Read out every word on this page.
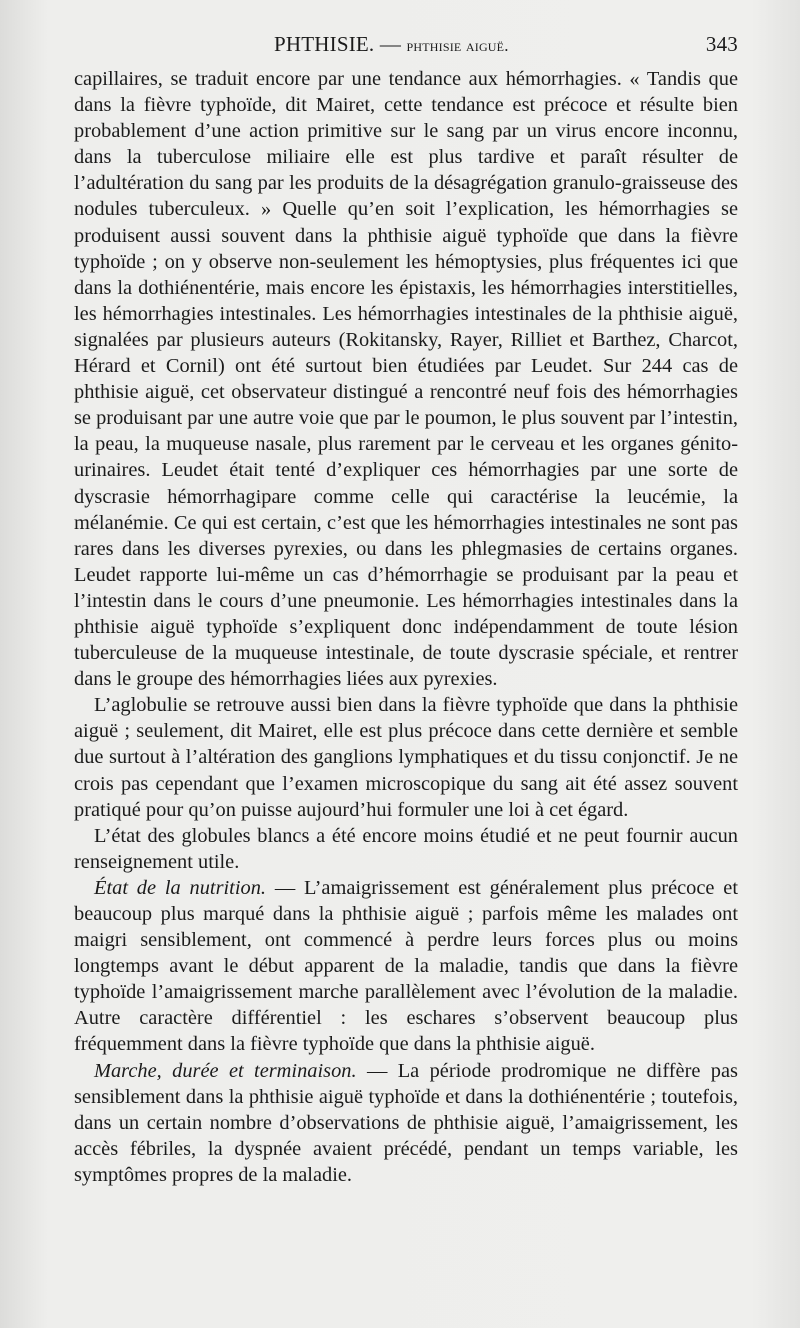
PHTHISIE. — phthisie aiguë.	343

capillaires, se traduit encore par une tendance aux hémorrhagies. « Tandis que dans la fièvre typhoïde, dit Mairet, cette tendance est précoce et résulte bien probablement d’une action primitive sur le sang par un virus encore inconnu, dans la tuberculose miliaire elle est plus tardive et paraît résulter de l’adultération du sang par les produits de la désagrégation granulo-graisseuse des nodules tuberculeux. » Quelle qu’en soit l’explication, les hémorrhagies se produisent aussi souvent dans la phthisie aiguë typhoïde que dans la fièvre typhoïde ; on y observe non-seulement les hémoptysies, plus fréquentes ici que dans la dothiénentérie, mais encore les épistaxis, les hémorrhagies interstitielles, les hémorrhagies intestinales. Les hémorrhagies intestinales de la phthisie aiguë, signalées par plusieurs auteurs (Rokitansky, Rayer, Rilliet et Barthez, Charcot, Hérard et Cornil) ont été surtout bien étudiées par Leudet. Sur 244 cas de phthisie aiguë, cet observateur distingué a rencontré neuf fois des hémorrhagies se produisant par une autre voie que par le poumon, le plus souvent par l’intestin, la peau, la muqueuse nasale, plus rarement par le cerveau et les organes génito-urinaires. Leudet était tenté d’expliquer ces hémorrhagies par une sorte de dyscrasie hémorrhagipare comme celle qui caractérise la leucémie, la mélanémie. Ce qui est certain, c’est que les hémorrhagies intestinales ne sont pas rares dans les diverses pyrexies, ou dans les phlegmasies de certains organes. Leudet rapporte lui-même un cas d’hémorrhagie se produisant par la peau et l’intestin dans le cours d’une pneumonie. Les hémorrhagies intestinales dans la phthisie aiguë typhoïde s’expliquent donc indépendamment de toute lésion tuberculeuse de la muqueuse intestinale, de toute dyscrasie spéciale, et rentrer dans le groupe des hémorrhagies liées aux pyrexies.

L’aglobulie se retrouve aussi bien dans la fièvre typhoïde que dans la phthisie aiguë ; seulement, dit Mairet, elle est plus précoce dans cette dernière et semble due surtout à l’altération des ganglions lymphatiques et du tissu conjonctif. Je ne crois pas cependant que l’examen microscopique du sang ait été assez souvent pratiqué pour qu’on puisse aujourd’hui formuler une loi à cet égard.

L’état des globules blancs a été encore moins étudié et ne peut fournir aucun renseignement utile.

État de la nutrition. — L’amaigrissement est généralement plus précoce et beaucoup plus marqué dans la phthisie aiguë ; parfois même les malades ont maigri sensiblement, ont commencé à perdre leurs forces plus ou moins longtemps avant le début apparent de la maladie, tandis que dans la fièvre typhoïde l’amaigrissement marche parallèlement avec l’évolution de la maladie. Autre caractère différentiel : les eschares s’observent beaucoup plus fréquemment dans la fièvre typhoïde que dans la phthisie aiguë.

Marche, durée et terminaison. — La période prodromique ne diffère pas sensiblement dans la phthisie aiguë typhoïde et dans la dothiénentérie ; toutefois, dans un certain nombre d’observations de phthisie aiguë, l’amaigrissement, les accès fébriles, la dyspnée avaient précédé, pendant un temps variable, les symptômes propres de la maladie.
